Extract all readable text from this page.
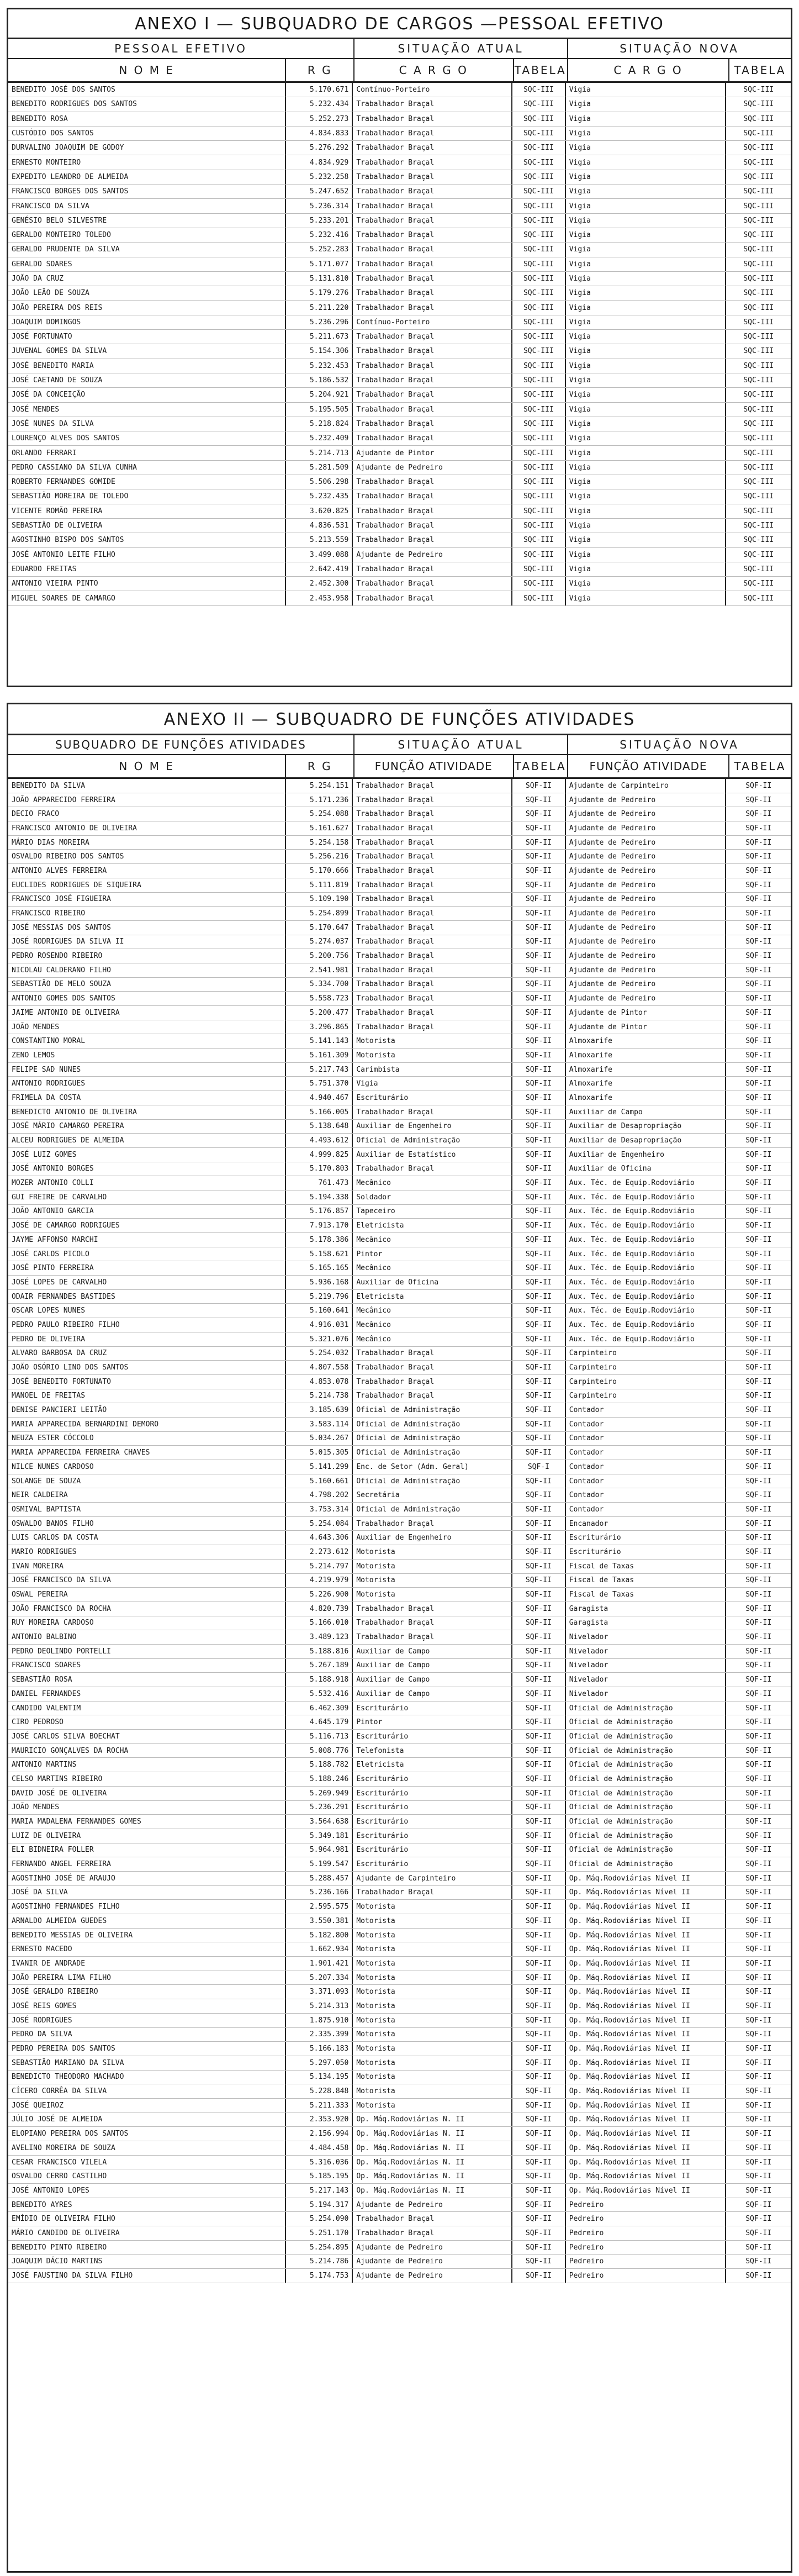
ANEXO I — SUBQUADRO DE CARGOS —PESSOAL EFETIVO
PESSOAL EFETIVO
N O M E	R G
SITUAÇÃO ATUAL
C A R G O	TABELA
SITUAÇÃO NOVA
C A R G O	TABELA
BENEDITO JOSÉ DOS SANTOS	5.170.671	Contínuo-Porteiro	SQC-III	Vigia	SQC-III
BENEDITO RODRIGUES DOS SANTOS	5.232.434	Trabalhador Braçal	SQC-III	Vigia	SQC-III
BENEDITO ROSA	5.252.273	Trabalhador Braçal	SQC-III	Vigia	SQC-III
CUSTÓDIO DOS SANTOS	4.834.833	Trabalhador Braçal	SQC-III	Vigia	SQC-III
DURVALINO JOAQUIM DE GODOY	5.276.292	Trabalhador Braçal	SQC-III	Vigia	SQC-III
ERNESTO MONTEIRO	4.834.929	Trabalhador Braçal	SQC-III	Vigia	SQC-III
EXPEDITO LEANDRO DE ALMEIDA	5.232.258	Trabalhador Braçal	SQC-III	Vigia	SQC-III
FRANCISCO BORGES DOS SANTOS	5.247.652	Trabalhador Braçal	SQC-III	Vigia	SQC-III
FRANCISCO DA SILVA	5.236.314	Trabalhador Braçal	SQC-III	Vigia	SQC-III
GENÉSIO BELO SILVESTRE	5.233.201	Trabalhador Braçal	SQC-III	Vigia	SQC-III
GERALDO MONTEIRO TOLEDO	5.232.416	Trabalhador Braçal	SQC-III	Vigia	SQC-III
GERALDO PRUDENTE DA SILVA	5.252.283	Trabalhador Braçal	SQC-III	Vigia	SQC-III
GERALDO SOARES	5.171.077	Trabalhador Braçal	SQC-III	Vigia	SQC-III
JOÃO DA CRUZ	5.131.810	Trabalhador Braçal	SQC-III	Vigia	SQC-III
JOÃO LEÃO DE SOUZA	5.179.276	Trabalhador Braçal	SQC-III	Vigia	SQC-III
JOÃO PEREIRA DOS REIS	5.211.220	Trabalhador Braçal	SQC-III	Vigia	SQC-III
JOAQUIM DOMINGOS	5.236.296	Contínuo-Porteiro	SQC-III	Vigia	SQC-III
JOSÉ FORTUNATO	5.211.673	Trabalhador Braçal	SQC-III	Vigia	SQC-III
JUVENAL GOMES DA SILVA	5.154.306	Trabalhador Braçal	SQC-III	Vigia	SQC-III
JOSÉ BENEDITO MARIA	5.232.453	Trabalhador Braçal	SQC-III	Vigia	SQC-III
JOSÉ CAETANO DE SOUZA	5.186.532	Trabalhador Braçal	SQC-III	Vigia	SQC-III
JOSÉ DA CONCEIÇÃO	5.204.921	Trabalhador Braçal	SQC-III	Vigia	SQC-III
JOSÉ MENDES	5.195.505	Trabalhador Braçal	SQC-III	Vigia	SQC-III
JOSÉ NUNES DA SILVA	5.218.824	Trabalhador Braçal	SQC-III	Vigia	SQC-III
LOURENÇO ALVES DOS SANTOS	5.232.409	Trabalhador Braçal	SQC-III	Vigia	SQC-III
ORLANDO FERRARI	5.214.713	Ajudante de Pintor	SQC-III	Vigia	SQC-III
PEDRO CASSIANO DA SILVA CUNHA	5.281.509	Ajudante de Pedreiro	SQC-III	Vigia	SQC-III
ROBERTO FERNANDES GOMIDE	5.506.298	Trabalhador Braçal	SQC-III	Vigia	SQC-III
SEBASTIÃO MOREIRA DE TOLEDO	5.232.435	Trabalhador Braçal	SQC-III	Vigia	SQC-III
VICENTE ROMÃO PEREIRA	3.620.825	Trabalhador Braçal	SQC-III	Vigia	SQC-III
SEBASTIÃO DE OLIVEIRA	4.836.531	Trabalhador Braçal	SQC-III	Vigia	SQC-III
AGOSTINHO BISPO DOS SANTOS	5.213.559	Trabalhador Braçal	SQC-III	Vigia	SQC-III
JOSÉ ANTONIO LEITE FILHO	3.499.088	Ajudante de Pedreiro	SQC-III	Vigia	SQC-III
EDUARDO FREITAS	2.642.419	Trabalhador Braçal	SQC-III	Vigia	SQC-III
ANTONIO VIEIRA PINTO	2.452.300	Trabalhador Braçal	SQC-III	Vigia	SQC-III
MIGUEL SOARES DE CAMARGO	2.453.958	Trabalhador Braçal	SQC-III	Vigia	SQC-III
ANEXO II — SUBQUADRO DE FUNÇÕES ATIVIDADES
SUBQUADRO DE FUNÇÕES ATIVIDADES
N O M E	R G
SITUAÇÃO ATUAL
FUNÇÃO ATIVIDADE	TABELA
SITUAÇÃO NOVA
FUNÇÃO ATIVIDADE	TABELA
BENEDITO DA SILVA	5.254.151	Trabalhador Braçal	SQF-II	Ajudante de Carpinteiro	SQF-II
JOÃO APPARECIDO FERREIRA	5.171.236	Trabalhador Braçal	SQF-II	Ajudante de Pedreiro	SQF-II
DECIO FRACO	5.254.088	Trabalhador Braçal	SQF-II	Ajudante de Pedreiro	SQF-II
FRANCISCO ANTONIO DE OLIVEIRA	5.161.627	Trabalhador Braçal	SQF-II	Ajudante de Pedreiro	SQF-II
MÁRIO DIAS MOREIRA	5.254.158	Trabalhador Braçal	SQF-II	Ajudante de Pedreiro	SQF-II
OSVALDO RIBEIRO DOS SANTOS	5.256.216	Trabalhador Braçal	SQF-II	Ajudante de Pedreiro	SQF-II
ANTONIO ALVES FERREIRA	5.170.666	Trabalhador Braçal	SQF-II	Ajudante de Pedreiro	SQF-II
EUCLIDES RODRIGUES DE SIQUEIRA	5.111.819	Trabalhador Braçal	SQF-II	Ajudante de Pedreiro	SQF-II
FRANCISCO JOSÉ FIGUEIRA	5.109.190	Trabalhador Braçal	SQF-II	Ajudante de Pedreiro	SQF-II
FRANCISCO RIBEIRO	5.254.899	Trabalhador Braçal	SQF-II	Ajudante de Pedreiro	SQF-II
JOSÉ MESSIAS DOS SANTOS	5.170.647	Trabalhador Braçal	SQF-II	Ajudante de Pedreiro	SQF-II
JOSÉ RODRIGUES DA SILVA II	5.274.037	Trabalhador Braçal	SQF-II	Ajudante de Pedreiro	SQF-II
PEDRO ROSENDO RIBEIRO	5.200.756	Trabalhador Braçal	SQF-II	Ajudante de Pedreiro	SQF-II
NICOLAU CALDERANO FILHO	2.541.981	Trabalhador Braçal	SQF-II	Ajudante de Pedreiro	SQF-II
SEBASTIÃO DE MELO SOUZA	5.334.700	Trabalhador Braçal	SQF-II	Ajudante de Pedreiro	SQF-II
ANTONIO GOMES DOS SANTOS	5.558.723	Trabalhador Braçal	SQF-II	Ajudante de Pedreiro	SQF-II
JAIME ANTONIO DE OLIVEIRA	5.200.477	Trabalhador Braçal	SQF-II	Ajudante de Pintor	SQF-II
JOÃO MENDES	3.296.865	Trabalhador Braçal	SQF-II	Ajudante de Pintor	SQF-II
CONSTANTINO MORAL	5.141.143	Motorista	SQF-II	Almoxarife	SQF-II
ZENO LEMOS	5.161.309	Motorista	SQF-II	Almoxarife	SQF-II
FELIPE SAD NUNES	5.217.743	Carimbista	SQF-II	Almoxarife	SQF-II
ANTONIO RODRIGUES	5.751.370	Vigia	SQF-II	Almoxarife	SQF-II
FRIMELA DA COSTA	4.940.467	Escriturário	SQF-II	Almoxarife	SQF-II
BENEDICTO ANTONIO DE OLIVEIRA	5.166.005	Trabalhador Braçal	SQF-II	Auxiliar de Campo	SQF-II
JOSÉ MÁRIO CAMARGO PEREIRA	5.138.648	Auxiliar de Engenheiro	SQF-II	Auxiliar de Desapropriação	SQF-II
ALCEU RODRIGUES DE ALMEIDA	4.493.612	Oficial de Administração	SQF-II	Auxiliar de Desapropriação	SQF-II
JOSÉ LUIZ GOMES	4.999.825	Auxiliar de Estatístico	SQF-II	Auxiliar de Engenheiro	SQF-II
JOSÉ ANTONIO BORGES	5.170.803	Trabalhador Braçal	SQF-II	Auxiliar de Oficina	SQF-II
MOZER ANTONIO COLLI	761.473	Mecânico	SQF-II	Aux. Téc. de Equip.Rodoviário	SQF-II
GUI FREIRE DE CARVALHO	5.194.338	Soldador	SQF-II	Aux. Téc. de Equip.Rodoviário	SQF-II
JOÃO ANTONIO GARCIA	5.176.857	Tapeceiro	SQF-II	Aux. Téc. de Equip.Rodoviário	SQF-II
JOSÉ DE CAMARGO RODRIGUES	7.913.170	Eletricista	SQF-II	Aux. Téc. de Equip.Rodoviário	SQF-II
JAYME AFFONSO MARCHI	5.178.386	Mecânico	SQF-II	Aux. Téc. de Equip.Rodoviário	SQF-II
JOSÉ CARLOS PICOLO	5.158.621	Pintor	SQF-II	Aux. Téc. de Equip.Rodoviário	SQF-II
JOSÉ PINTO FERREIRA	5.165.165	Mecânico	SQF-II	Aux. Téc. de Equip.Rodoviário	SQF-II
JOSÉ LOPES DE CARVALHO	5.936.168	Auxiliar de Oficina	SQF-II	Aux. Téc. de Equip.Rodoviário	SQF-II
ODAIR FERNANDES BASTIDES	5.219.796	Eletricista	SQF-II	Aux. Téc. de Equip.Rodoviário	SQF-II
OSCAR LOPES NUNES	5.160.641	Mecânico	SQF-II	Aux. Téc. de Equip.Rodoviário	SQF-II
PEDRO PAULO RIBEIRO FILHO	4.916.031	Mecânico	SQF-II	Aux. Téc. de Equip.Rodoviário	SQF-II
PEDRO DE OLIVEIRA	5.321.076	Mecânico	SQF-II	Aux. Téc. de Equip.Rodoviário	SQF-II
ALVARO BARBOSA DA CRUZ	5.254.032	Trabalhador Braçal	SQF-II	Carpinteiro	SQF-II
JOÃO OSÓRIO LINO DOS SANTOS	4.807.558	Trabalhador Braçal	SQF-II	Carpinteiro	SQF-II
JOSÉ BENEDITO FORTUNATO	4.853.078	Trabalhador Braçal	SQF-II	Carpinteiro	SQF-II
MANOEL DE FREITAS	5.214.738	Trabalhador Braçal	SQF-II	Carpinteiro	SQF-II
DENISE PANCIERI LEITÃO	3.185.639	Oficial de Administração	SQF-II	Contador	SQF-II
MARIA APPARECIDA BERNARDINI DEMORO	3.583.114	Oficial de Administração	SQF-II	Contador	SQF-II
NEUZA ESTER CÓCCOLO	5.034.267	Oficial de Administração	SQF-II	Contador	SQF-II
MARIA APPARECIDA FERREIRA CHAVES	5.015.305	Oficial de Administração	SQF-II	Contador	SQF-II
NILCE NUNES CARDOSO	5.141.299	Enc. de Setor (Adm. Geral)	SQF-I	Contador	SQF-II
SOLANGE DE SOUZA	5.160.661	Oficial de Administração	SQF-II	Contador	SQF-II
NEIR CALDEIRA	4.798.202	Secretária	SQF-II	Contador	SQF-II
OSMIVAL BAPTISTA	3.753.314	Oficial de Administração	SQF-II	Contador	SQF-II
OSWALDO BANOS FILHO	5.254.084	Trabalhador Braçal	SQF-II	Encanador	SQF-II
LUIS CARLOS DA COSTA	4.643.306	Auxiliar de Engenheiro	SQF-II	Escriturário	SQF-II
MARIO RODRIGUES	2.273.612	Motorista	SQF-II	Escriturário	SQF-II
IVAN MOREIRA	5.214.797	Motorista	SQF-II	Fiscal de Taxas	SQF-II
JOSÉ FRANCISCO DA SILVA	4.219.979	Motorista	SQF-II	Fiscal de Taxas	SQF-II
OSWAL PEREIRA	5.226.900	Motorista	SQF-II	Fiscal de Taxas	SQF-II
JOÃO FRANCISCO DA ROCHA	4.820.739	Trabalhador Braçal	SQF-II	Garagista	SQF-II
RUY MOREIRA CARDOSO	5.166.010	Trabalhador Braçal	SQF-II	Garagista	SQF-II
ANTONIO BALBINO	3.489.123	Trabalhador Braçal	SQF-II	Nivelador	SQF-II
PEDRO DEOLINDO PORTELLI	5.188.816	Auxiliar de Campo	SQF-II	Nivelador	SQF-II
FRANCISCO SOARES	5.267.189	Auxiliar de Campo	SQF-II	Nivelador	SQF-II
SEBASTIÃO ROSA	5.188.918	Auxiliar de Campo	SQF-II	Nivelador	SQF-II
DANIEL FERNANDES	5.532.416	Auxiliar de Campo	SQF-II	Nivelador	SQF-II
CANDIDO VALENTIM	6.462.309	Escriturário	SQF-II	Oficial de Administração	SQF-II
CIRO PEDROSO	4.645.179	Pintor	SQF-II	Oficial de Administração	SQF-II
JOSÉ CARLOS SILVA BOECHAT	5.116.713	Escriturário	SQF-II	Oficial de Administração	SQF-II
MAURICIO GONÇALVES DA ROCHA	5.008.776	Telefonista	SQF-II	Oficial de Administração	SQF-II
ANTONIO MARTINS	5.188.782	Eletricista	SQF-II	Oficial de Administração	SQF-II
CELSO MARTINS RIBEIRO	5.188.246	Escriturário	SQF-II	Oficial de Administração	SQF-II
DAVID JOSÉ DE OLIVEIRA	5.269.949	Escriturário	SQF-II	Oficial de Administração	SQF-II
JOÃO MENDES	5.236.291	Escriturário	SQF-II	Oficial de Administração	SQF-II
MARIA MADALENA FERNANDES GOMES	3.564.638	Escriturário	SQF-II	Oficial de Administração	SQF-II
LUIZ DE OLIVEIRA	5.349.181	Escriturário	SQF-II	Oficial de Administração	SQF-II
ELI BIDNEIRA FOLLER	5.964.981	Escriturário	SQF-II	Oficial de Administração	SQF-II
FERNANDO ANGEL FERREIRA	5.199.547	Escriturário	SQF-II	Oficial de Administração	SQF-II
AGOSTINHO JOSÉ DE ARAUJO	5.288.457	Ajudante de Carpinteiro	SQF-II	Op. Máq.Rodoviárias Nível II	SQF-II
JOSÉ DA SILVA	5.236.166	Trabalhador Braçal	SQF-II	Op. Máq.Rodoviárias Nível II	SQF-II
AGOSTINHO FERNANDES FILHO	2.595.575	Motorista	SQF-II	Op. Máq.Rodoviárias Nível II	SQF-II
ARNALDO ALMEIDA GUEDES	3.550.381	Motorista	SQF-II	Op. Máq.Rodoviárias Nível II	SQF-II
BENEDITO MESSIAS DE OLIVEIRA	5.182.800	Motorista	SQF-II	Op. Máq.Rodoviárias Nível II	SQF-II
ERNESTO MACEDO	1.662.934	Motorista	SQF-II	Op. Máq.Rodoviárias Nível II	SQF-II
IVANIR DE ANDRADE	1.901.421	Motorista	SQF-II	Op. Máq.Rodoviárias Nível II	SQF-II
JOÃO PEREIRA LIMA FILHO	5.207.334	Motorista	SQF-II	Op. Máq.Rodoviárias Nível II	SQF-II
JOSÉ GERALDO RIBEIRO	3.371.093	Motorista	SQF-II	Op. Máq.Rodoviárias Nível II	SQF-II
JOSÉ REIS GOMES	5.214.313	Motorista	SQF-II	Op. Máq.Rodoviárias Nível II	SQF-II
JOSÉ RODRIGUES	1.875.910	Motorista	SQF-II	Op. Máq.Rodoviárias Nível II	SQF-II
PEDRO DA SILVA	2.335.399	Motorista	SQF-II	Op. Máq.Rodoviárias Nível II	SQF-II
PEDRO PEREIRA DOS SANTOS	5.166.183	Motorista	SQF-II	Op. Máq.Rodoviárias Nível II	SQF-II
SEBASTIÃO MARIANO DA SILVA	5.297.050	Motorista	SQF-II	Op. Máq.Rodoviárias Nível II	SQF-II
BENEDICTO THEODORO MACHADO	5.134.195	Motorista	SQF-II	Op. Máq.Rodoviárias Nível II	SQF-II
CÍCERO CORRÊA DA SILVA	5.228.848	Motorista	SQF-II	Op. Máq.Rodoviárias Nível II	SQF-II
JOSÉ QUEIROZ	5.211.333	Motorista	SQF-II	Op. Máq.Rodoviárias Nível II	SQF-II
JÚLIO JOSÉ DE ALMEIDA	2.353.920	Op. Máq.Rodoviárias N. II	SQF-II	Op. Máq.Rodoviárias Nível II	SQF-II
ELOPIANO PEREIRA DOS SANTOS	2.156.994	Op. Máq.Rodoviárias N. II	SQF-II	Op. Máq.Rodoviárias Nível II	SQF-II
AVELINO MOREIRA DE SOUZA	4.484.458	Op. Máq.Rodoviárias N. II	SQF-II	Op. Máq.Rodoviárias Nível II	SQF-II
CESAR FRANCISCO VILELA	5.316.036	Op. Máq.Rodoviárias N. II	SQF-II	Op. Máq.Rodoviárias Nível II	SQF-II
OSVALDO CERRO CASTILHO	5.185.195	Op. Máq.Rodoviárias N. II	SQF-II	Op. Máq.Rodoviárias Nível II	SQF-II
JOSÉ ANTONIO LOPES	5.217.143	Op. Máq.Rodoviárias N. II	SQF-II	Op. Máq.Rodoviárias Nível II	SQF-II
BENEDITO AYRES	5.194.317	Ajudante de Pedreiro	SQF-II	Pedreiro	SQF-II
EMÍDIO DE OLIVEIRA FILHO	5.254.090	Trabalhador Braçal	SQF-II	Pedreiro	SQF-II
MÁRIO CANDIDO DE OLIVEIRA	5.251.170	Trabalhador Braçal	SQF-II	Pedreiro	SQF-II
BENEDITO PINTO RIBEIRO	5.254.895	Ajudante de Pedreiro	SQF-II	Pedreiro	SQF-II
JOAQUIM DÁCIO MARTINS	5.214.786	Ajudante de Pedreiro	SQF-II	Pedreiro	SQF-II
JOSÉ FAUSTINO DA SILVA FILHO	5.174.753	Ajudante de Pedreiro	SQF-II	Pedreiro	SQF-II
